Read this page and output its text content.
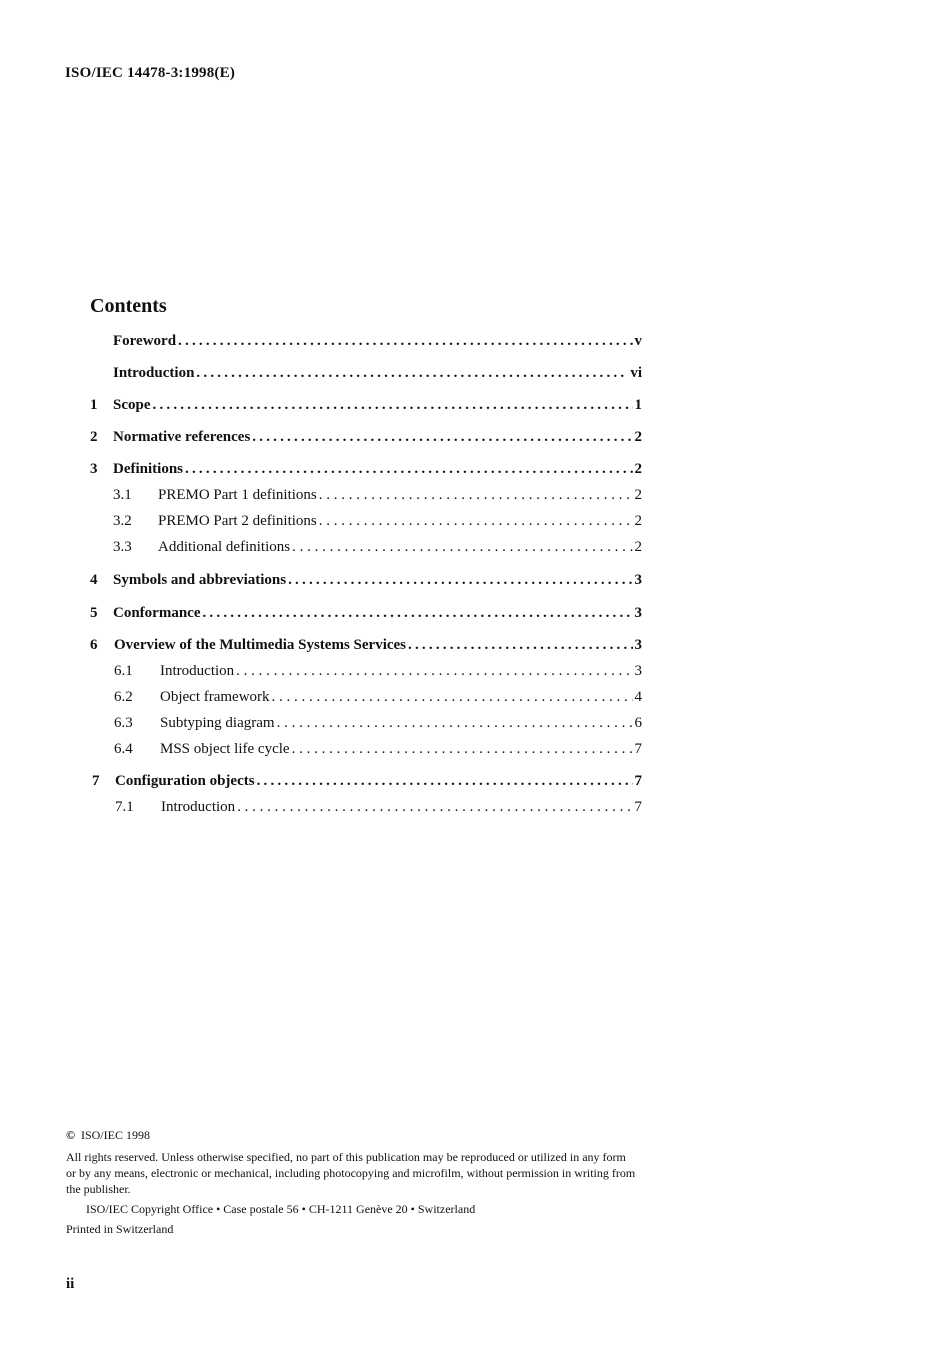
ISO/IEC 14478-3:1998(E)
Contents
Foreword .....	v
Introduction .....	vi
1 Scope .....	1
2 Normative references .....	2
3 Definitions .....	2
3.1 PREMO Part 1 definitions . . .	2
3.2 PREMO Part 2 definitions . . .	2
3.3 Additional definitions . . .	2
4 Symbols and abbreviations .....	3
5 Conformance .....	3
6 Overview of the Multimedia Systems Services .....	3
6.1 Introduction . . .	3
6.2 Object framework . . .	4
6.3 Subtyping diagram . . .	6
6.4 MSS object life cycle . . .	7
7 Configuration objects .....	7
7.1 Introduction . . .	7
© ISO/IEC 1998
All rights reserved. Unless otherwise specified, no part of this publication may be reproduced or utilized in any form or by any means, electronic or mechanical, including photocopying and microfilm, without permission in writing from the publisher.
ISO/IEC Copyright Office • Case postale 56 • CH-1211 Genève 20 • Switzerland
Printed in Switzerland
ii
